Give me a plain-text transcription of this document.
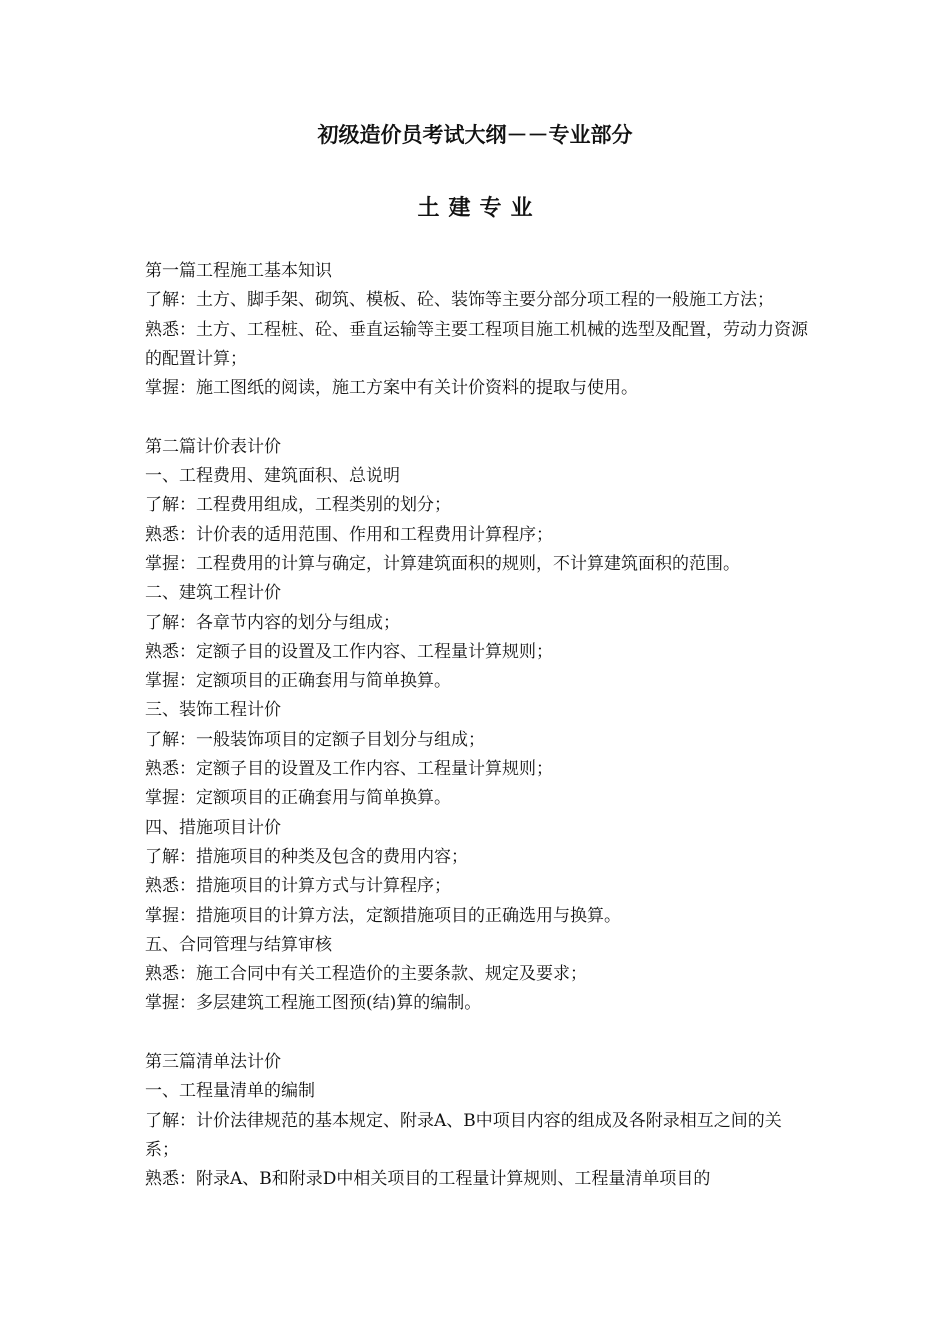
初级造价员考试大纲－－专业部分
土建专业

第一篇工程施工基本知识

了解：土方、脚手架、砌筑、模板、砼、装饰等主要分部分项工程的一般施工方法；

熟悉：土方、工程桩、砼、垂直运输等主要工程项目施工机械的选型及配置，劳动力资源的配置计算；

掌握：施工图纸的阅读，施工方案中有关计价资料的提取与使用。

第二篇计价表计价

一、工程费用、建筑面积、总说明

了解：工程费用组成，工程类别的划分；

熟悉：计价表的适用范围、作用和工程费用计算程序；

掌握：工程费用的计算与确定，计算建筑面积的规则，不计算建筑面积的范围。

二、建筑工程计价

了解：各章节内容的划分与组成；

熟悉：定额子目的设置及工作内容、工程量计算规则；

掌握：定额项目的正确套用与简单换算。

三、装饰工程计价

了解：一般装饰项目的定额子目划分与组成；

熟悉：定额子目的设置及工作内容、工程量计算规则；

掌握：定额项目的正确套用与简单换算。

四、措施项目计价

了解：措施项目的种类及包含的费用内容；

熟悉：措施项目的计算方式与计算程序；

掌握：措施项目的计算方法，定额措施项目的正确选用与换算。

五、合同管理与结算审核

熟悉：施工合同中有关工程造价的主要条款、规定及要求；

掌握：多层建筑工程施工图预(结)算的编制。

第三篇清单法计价

一、工程量清单的编制

了解：计价法律规范的基本规定、附录A、B中项目内容的组成及各附录相互之间的关系；

熟悉：附录A、B和附录D中相关项目的工程量计算规则、工程量清单项目的
